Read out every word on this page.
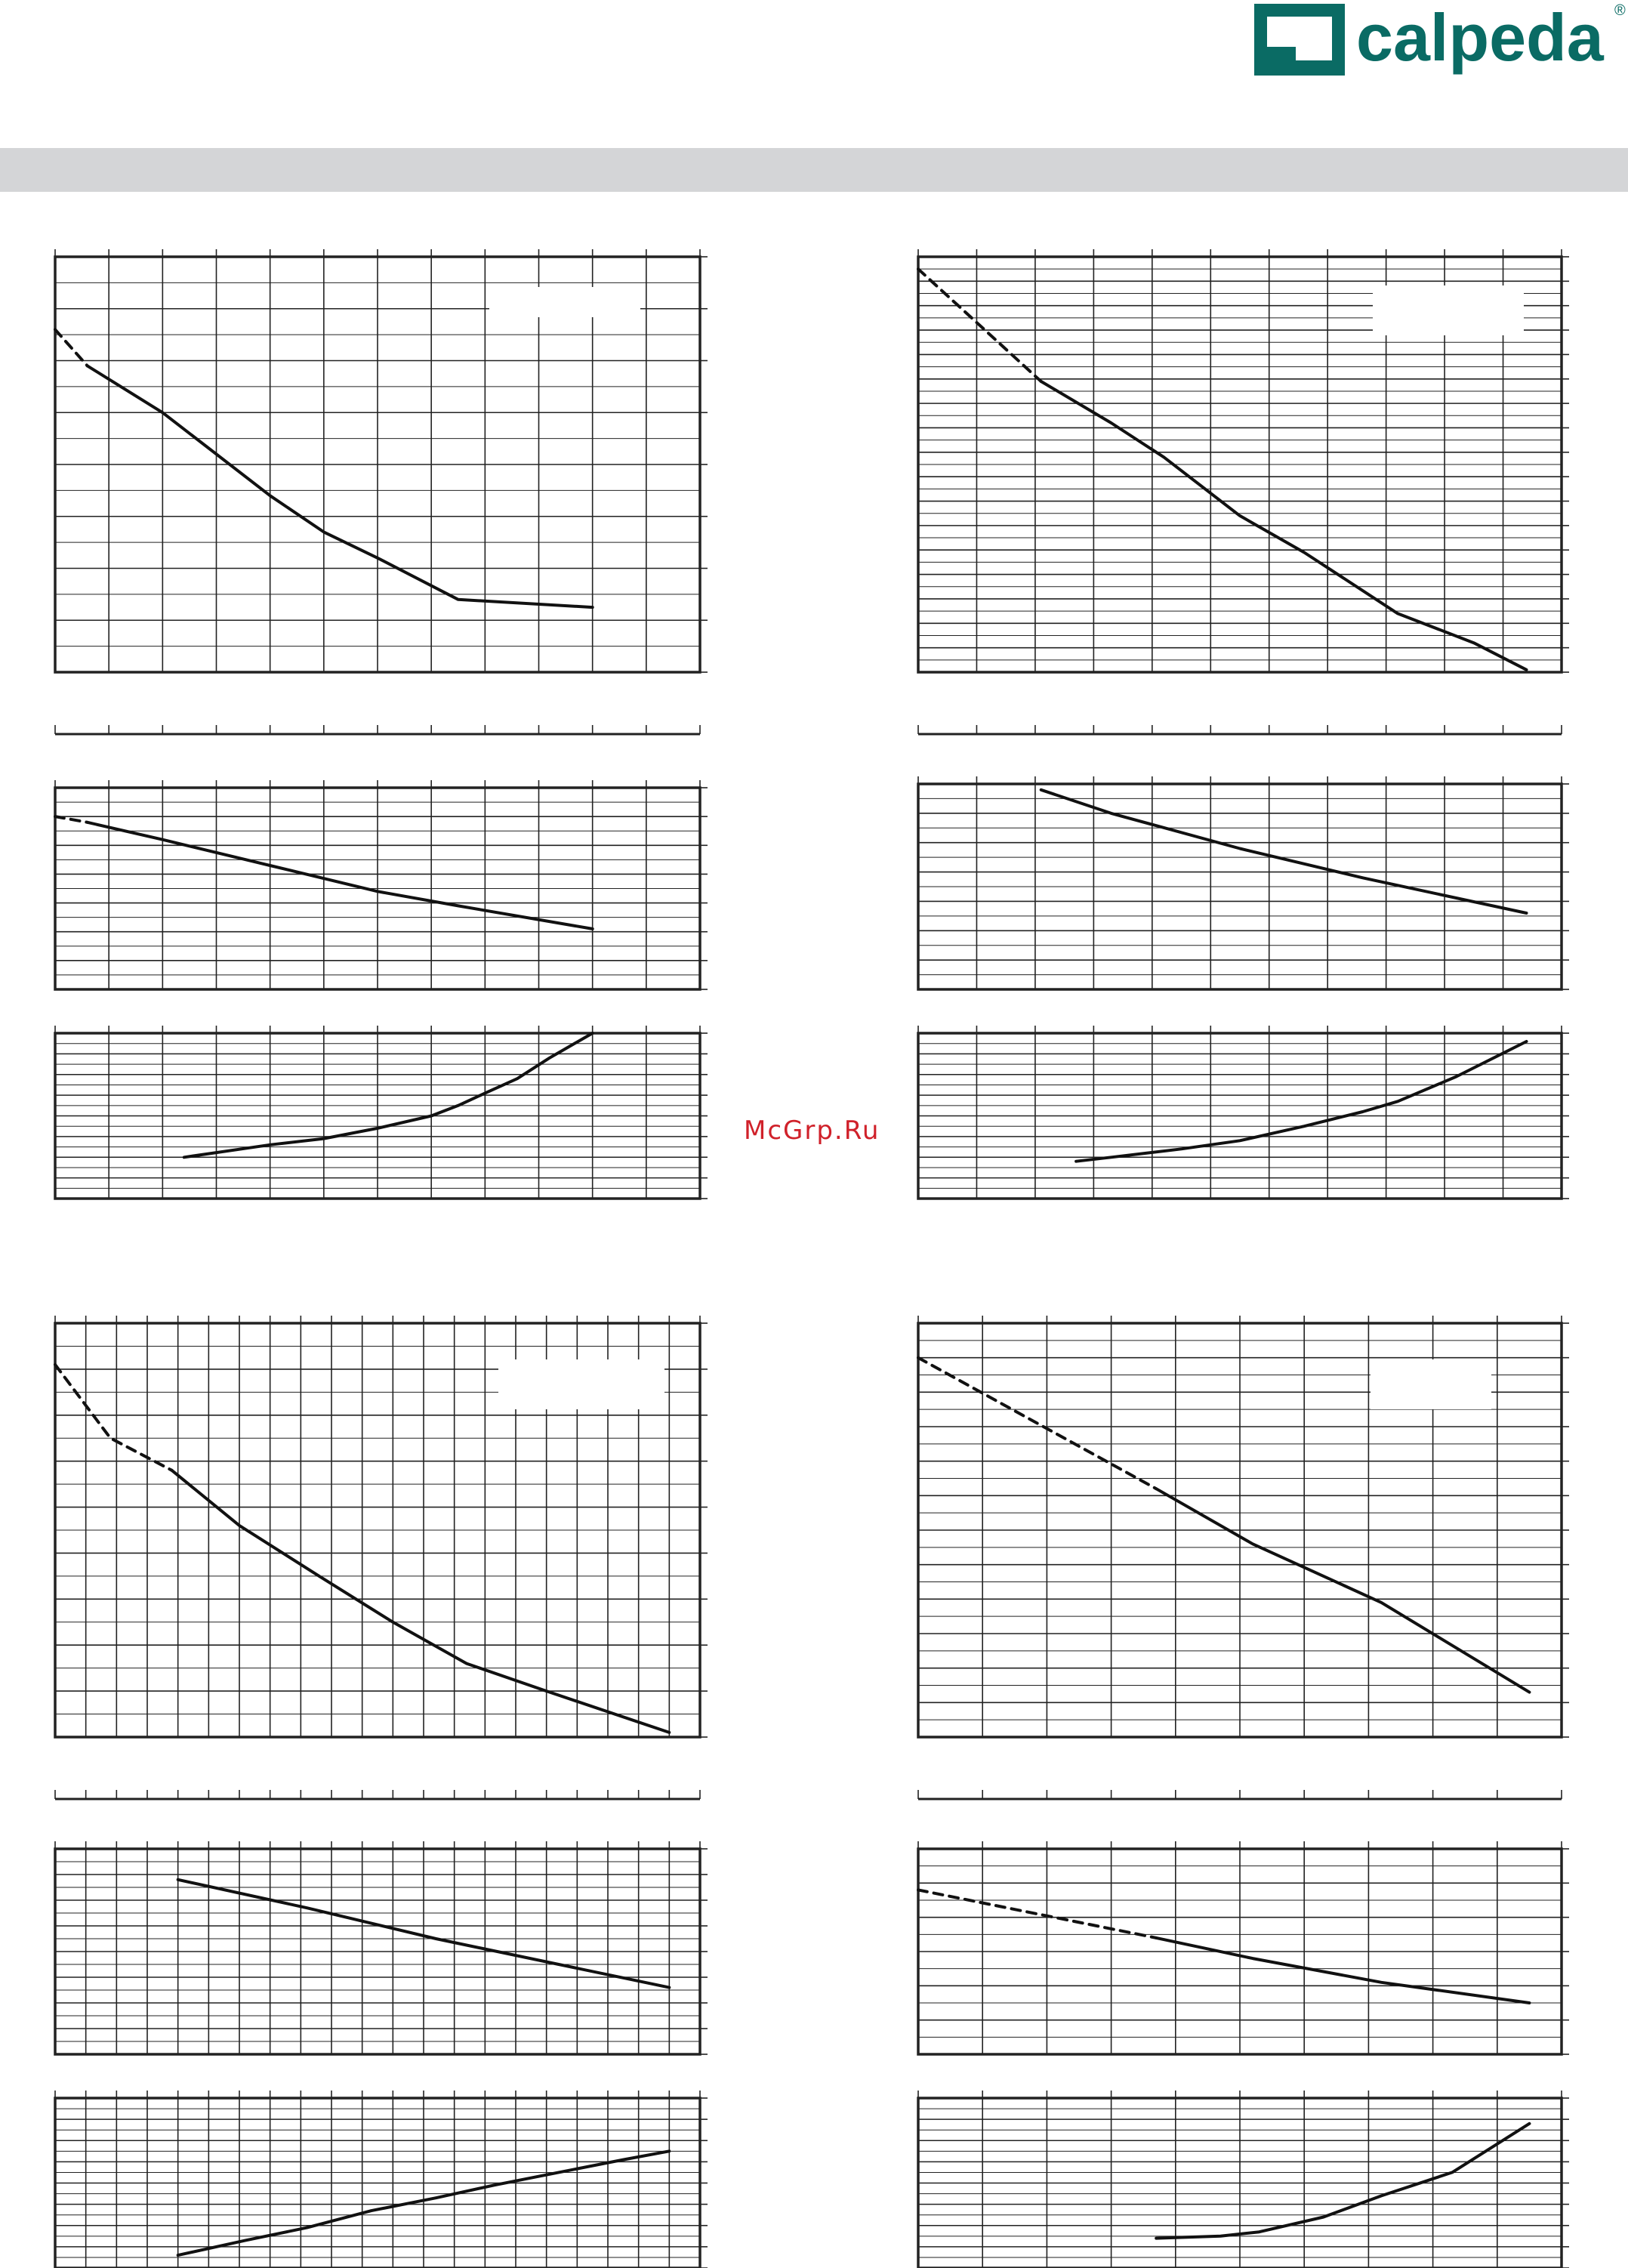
calpeda ®
McGrp.Ru
